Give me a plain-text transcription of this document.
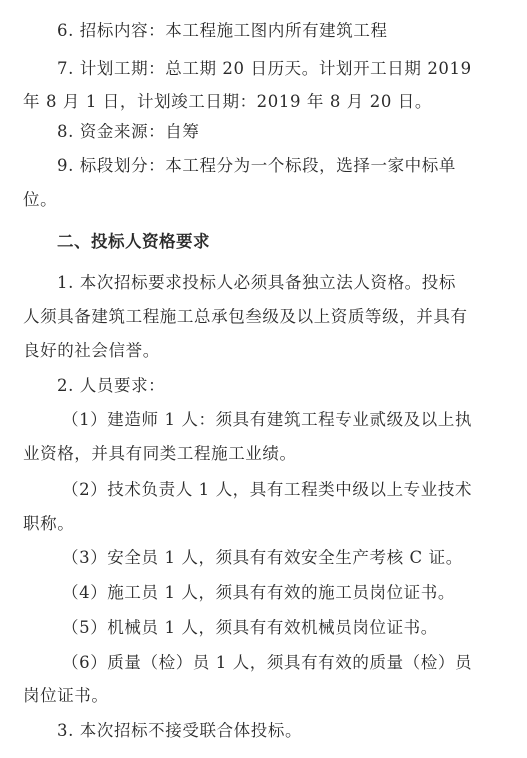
6. 招标内容：本工程施工图内所有建筑工程
7. 计划工期：总工期 20 日历天。计划开工日期 2019
年 8 月 1 日，计划竣工日期：2019 年 8 月 20 日。
8. 资金来源：自筹
9. 标段划分：本工程分为一个标段，选择一家中标单
位。
二、投标人资格要求
1. 本次招标要求投标人必须具备独立法人资格。投标
人须具备建筑工程施工总承包叁级及以上资质等级，并具有
良好的社会信誉。
2. 人员要求：
（1）建造师 1 人：须具有建筑工程专业贰级及以上执
业资格，并具有同类工程施工业绩。
（2）技术负责人 1 人，具有工程类中级以上专业技术
职称。
（3）安全员 1 人，须具有有效安全生产考核 C 证。
（4）施工员 1 人，须具有有效的施工员岗位证书。
（5）机械员 1 人，须具有有效机械员岗位证书。
（6）质量（检）员 1 人，须具有有效的质量（检）员
岗位证书。
3. 本次招标不接受联合体投标。
